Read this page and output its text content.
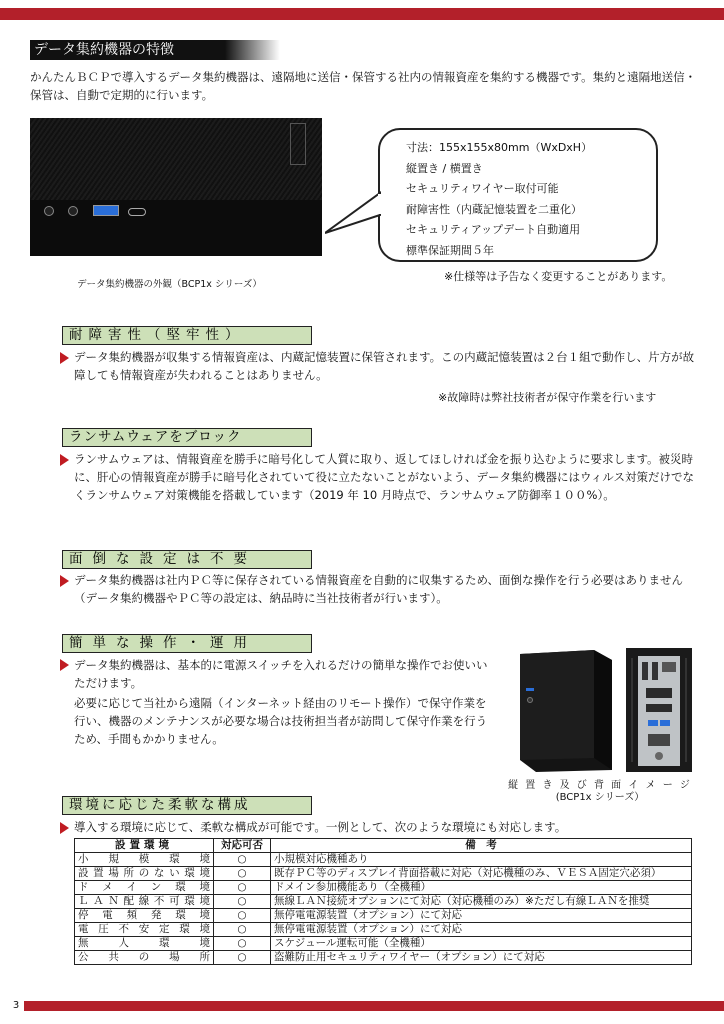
データ集約機器の特徴
かんたんＢＣＰで導入するデータ集約機器は、遠隔地に送信・保管する社内の情報資産を集約する機器です。集約と遠隔地送信・保管は、自動で定期的に行います。
データ集約機器の外観（BCP1x シリーズ）
寸法：155x155x80mm（WxDxH）
縦置き / 横置き
セキュリティワイヤー取付可能
耐障害性（内蔵記憶装置を二重化）
セキュリティアップデート自動適用
標準保証期間５年
※仕様等は予告なく変更することがあります。
耐障害性（堅牢性）
データ集約機器が収集する情報資産は、内蔵記憶装置に保管されます。この内蔵記憶装置は２台１組で動作し、片方が故障しても情報資産が失われることはありません。
※故障時は弊社技術者が保守作業を行います
ランサムウェアをブロック
ランサムウェアは、情報資産を勝手に暗号化して人質に取り、返してほしければ金を振り込むように要求します。被災時に、肝心の情報資産が勝手に暗号化されていて役に立たないことがないよう、データ集約機器にはウィルス対策だけでなくランサムウェア対策機能を搭載しています（2019 年 10 月時点で、ランサムウェア防御率１００%）。
面倒な設定は不要
データ集約機器は社内ＰＣ等に保存されている情報資産を自動的に収集するため、面倒な操作を行う必要はありません（データ集約機器やＰＣ等の設定は、納品時に当社技術者が行います）。
簡単な操作・運用
データ集約機器は、基本的に電源スイッチを入れるだけの簡単な操作でお使いいただけます。
必要に応じて当社から遠隔（インターネット経由のリモート操作）で保守作業を行い、機器のメンテナンスが必要な場合は技術担当者が訪問して保守作業を行うため、手間もかかりません。
縦 置 き 及 び 背 面 イ メ ー ジ
(BCP1x シリーズ）
環境に応じた柔軟な構成
導入する環境に応じて、柔軟な構成が可能です。一例として、次のような環境にも対応します。
設置環境	対応可否	備　考
小規模環境	○	小規模対応機種あり
設置場所のない環境	○	既存ＰＣ等のディスプレイ背面搭載に対応（対応機種のみ、ＶＥＳＡ固定穴必須）
ドメイン環境	○	ドメイン参加機能あり（全機種）
ＬＡＮ配線不可環境	○	無線ＬＡＮ接続オプションにて対応（対応機種のみ）※ただし有線ＬＡＮを推奨
停電頻発環境	○	無停電電源装置（オプション）にて対応
電圧不安定環境	○	無停電電源装置（オプション）にて対応
無人環境	○	スケジュール運転可能（全機種）
公共の場所	○	盗難防止用セキュリティワイヤー（オプション）にて対応
3
